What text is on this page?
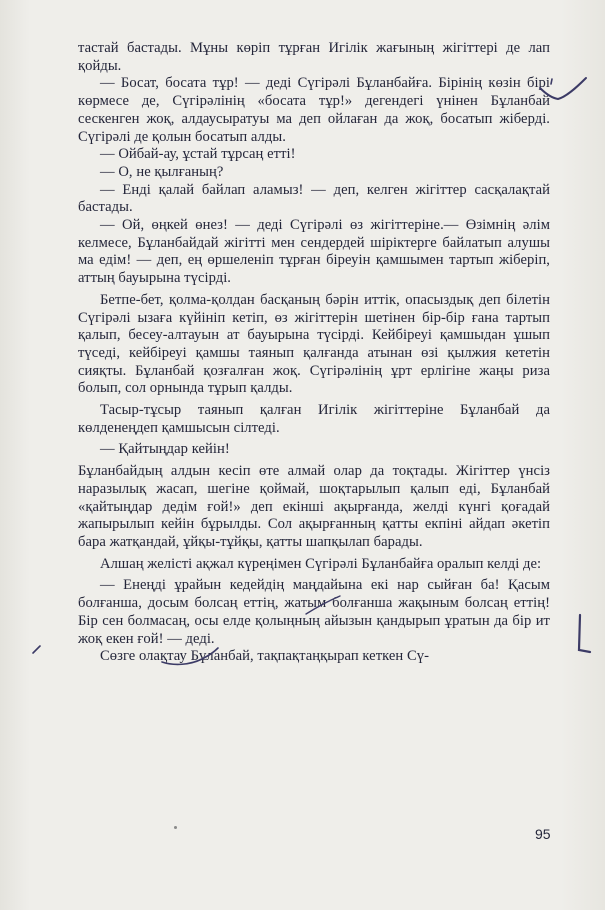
тастай бастады. Мұны көріп тұрған Игілік жағының жігіттері де лап қойды.

— Босат, босата тұр! — деді Сүгірәлі Бұланбайға. Бірінің көзін бірі көрмесе де, Сүгірәлінің «босата тұр!» дегендегі үнінен Бұланбай сескенген жоқ, алдаусыратуы ма деп ойлаған да жоқ, босатып жіберді. Сүгірәлі де қолын босатып алды.

— Ойбай-ау, ұстай тұрсаң еттi!

— О, не қылғаның?

— Енді қалай байлап аламыз! — деп, келген жігіттер сасқалақтай бастады.

— Ой, өңкей өнез! — деді Сүгірәлі өз жігіттеріне.— Өзімнің әлім келмесе, Бұланбайдай жігітті мен сендердей шіріктерге байлатып алушы ма едім! — деп, ең өршеленіп тұрған біреуін қамшымен тартып жіберіп, аттың бауырына түсірді.

Бетпе-бет, қолма-қолдан басқаның бәрін иттік, опасыздық деп білетін Сүгірәлі ызаға күйініп кетіп, өз жігіттерін шетінен бір-бір ғана тартып қалып, бесеу-алтауын ат бауырына түсірді. Кейбіреуі қамшыдан ұшып түседі, кейбіреуі қамшы таянып қалғанда атынан өзі қылжия кететін сияқты. Бұланбай қозғалған жоқ. Сүгірәлінің ұрт ерлігіне жаңы риза болып, сол орнында тұрып қалды.

Тасыр-тұсыр таянып қалған Игілік жігіттеріне Бұланбай да көлденеңдеп қамшысын сілтеді.

— Қайтыңдар кейін!

Бұланбайдың алдын кесіп өте алмай олар да тоқтады. Жігіттер үнсіз наразылық жасап, шегіне қоймай, шоқтарылып қалып еді, Бұланбай «қайтыңдар дедім ғой!» деп екінші ақырғанда, желді күнгі қоғадай жапырылып кейін бұрылды. Сол ақырғанның қатты екпіні айдап әкетіп бара жатқандай, ұйқы-тұйқы, қатты шапқылап барады.

Алшаң желісті ақжал күреңімен Сүгірәлі Бұланбайға оралып келді де:

— Енеңді ұрайын кедейдің маңдайына екі нар сыйған ба! Қасым болғанша, досым болсаң еттің, жатым болғанша жақыным болсаң еттің! Бір сен болмасаң, осы елде қолыңның айызын қандырып ұратын да бір ит жоқ екен ғой! — деді.

Сөзге олақтау Бұланбай, тақпақтаңқырап кеткен Сү-

95
